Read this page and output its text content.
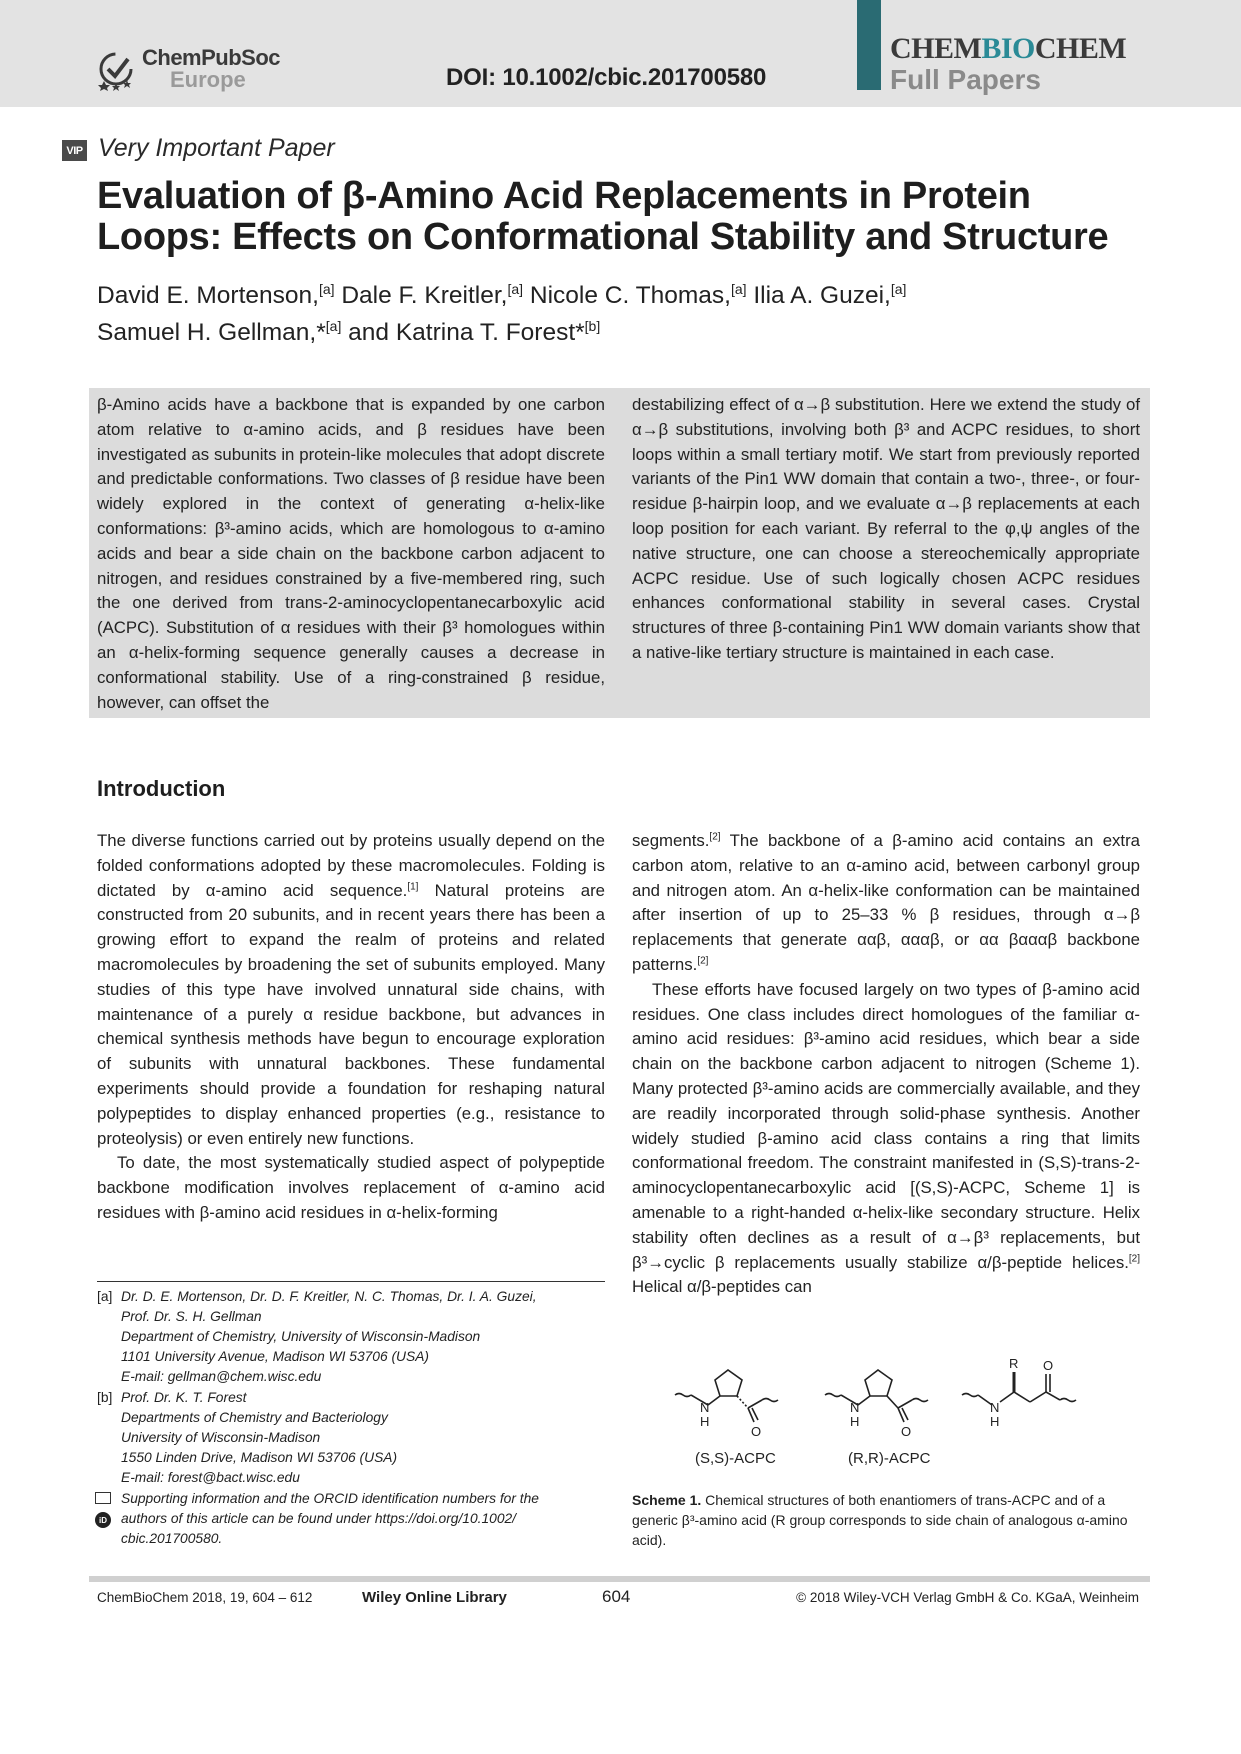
ChemPubSoc
Europe	DOI: 10.1002/cbic.201700580
CHEMBIOCHEM
Full Papers
VIP Very Important Paper
Evaluation of β-Amino Acid Replacements in Protein Loops: Effects on Conformational Stability and Structure
David E. Mortenson,[a] Dale F. Kreitler,[a] Nicole C. Thomas,[a] Ilia A. Guzei,[a]
Samuel H. Gellman,*[a] and Katrina T. Forest*[b]
β-Amino acids have a backbone that is expanded by one carbon atom relative to α-amino acids, and β residues have been investigated as subunits in protein-like molecules that adopt discrete and predictable conformations. Two classes of β residue have been widely explored in the context of generating α-helix-like conformations: β³-amino acids, which are homologous to α-amino acids and bear a side chain on the backbone carbon adjacent to nitrogen, and residues constrained by a five-membered ring, such the one derived from trans-2-aminocyclopentanecarboxylic acid (ACPC). Substitution of α residues with their β³ homologues within an α-helix-forming sequence generally causes a decrease in conformational stability. Use of a ring-constrained β residue, however, can offset the
destabilizing effect of α→β substitution. Here we extend the study of α→β substitutions, involving both β³ and ACPC residues, to short loops within a small tertiary motif. We start from previously reported variants of the Pin1 WW domain that contain a two-, three-, or four-residue β-hairpin loop, and we evaluate α→β replacements at each loop position for each variant. By referral to the φ,ψ angles of the native structure, one can choose a stereochemically appropriate ACPC residue. Use of such logically chosen ACPC residues enhances conformational stability in several cases. Crystal structures of three β-containing Pin1 WW domain variants show that a native-like tertiary structure is maintained in each case.
Introduction

The diverse functions carried out by proteins usually depend on the folded conformations adopted by these macromolecules. Folding is dictated by α-amino acid sequence.[1] Natural proteins are constructed from 20 subunits, and in recent years there has been a growing effort to expand the realm of proteins and related macromolecules by broadening the set of subunits employed. Many studies of this type have involved unnatural side chains, with maintenance of a purely α residue backbone, but advances in chemical synthesis methods have begun to encourage exploration of subunits with unnatural backbones. These fundamental experiments should provide a foundation for reshaping natural polypeptides to display enhanced properties (e.g., resistance to proteolysis) or even entirely new functions.

To date, the most systematically studied aspect of polypeptide backbone modification involves replacement of α-amino acid residues with β-amino acid residues in α-helix-forming

segments.[2] The backbone of a β-amino acid contains an extra carbon atom, relative to an α-amino acid, between carbonyl group and nitrogen atom. An α-helix-like conformation can be maintained after insertion of up to 25–33 % β residues, through α→β replacements that generate ααβ, αααβ, or αα βαααβ backbone patterns.[2]

These efforts have focused largely on two types of β-amino acid residues. One class includes direct homologues of the familiar α-amino acid residues: β³-amino acid residues, which bear a side chain on the backbone carbon adjacent to nitrogen (Scheme 1). Many protected β³-amino acids are commercially available, and they are readily incorporated through solid-phase synthesis. Another widely studied β-amino acid class contains a ring that limits conformational freedom. The constraint manifested in (S,S)-trans-2-aminocyclopentanecarboxylic acid [(S,S)-ACPC, Scheme 1] is amenable to a right-handed α-helix-like secondary structure. Helix stability often declines as a result of α→β³ replacements, but β³→cyclic β replacements usually stabilize α/β-peptide helices.[2] Helical α/β-peptides can

[a] Dr. D. E. Mortenson, Dr. D. F. Kreitler, N. C. Thomas, Dr. I. A. Guzei,
Prof. Dr. S. H. Gellman
Department of Chemistry, University of Wisconsin-Madison
1101 University Avenue, Madison WI 53706 (USA)
E-mail: gellman@chem.wisc.edu
[b] Prof. Dr. K. T. Forest
Departments of Chemistry and Bacteriology
University of Wisconsin-Madison
1550 Linden Drive, Madison WI 53706 (USA)
E-mail: forest@bact.wisc.edu
iD
Supporting information and the ORCID identification numbers for the
authors of this article can be found under https://doi.org/10.1002/
cbic.201700580.
N
H
O
N
H
O
N
H
R O
(S,S)-ACPC	(R,R)-ACPC
Scheme 1. Chemical structures of both enantiomers of trans-ACPC and of a generic β³-amino acid (R group corresponds to side chain of analogous α-amino acid).
ChemBioChem 2018, 19, 604 – 612	Wiley Online Library	604	© 2018 Wiley-VCH Verlag GmbH & Co. KGaA, Weinheim
